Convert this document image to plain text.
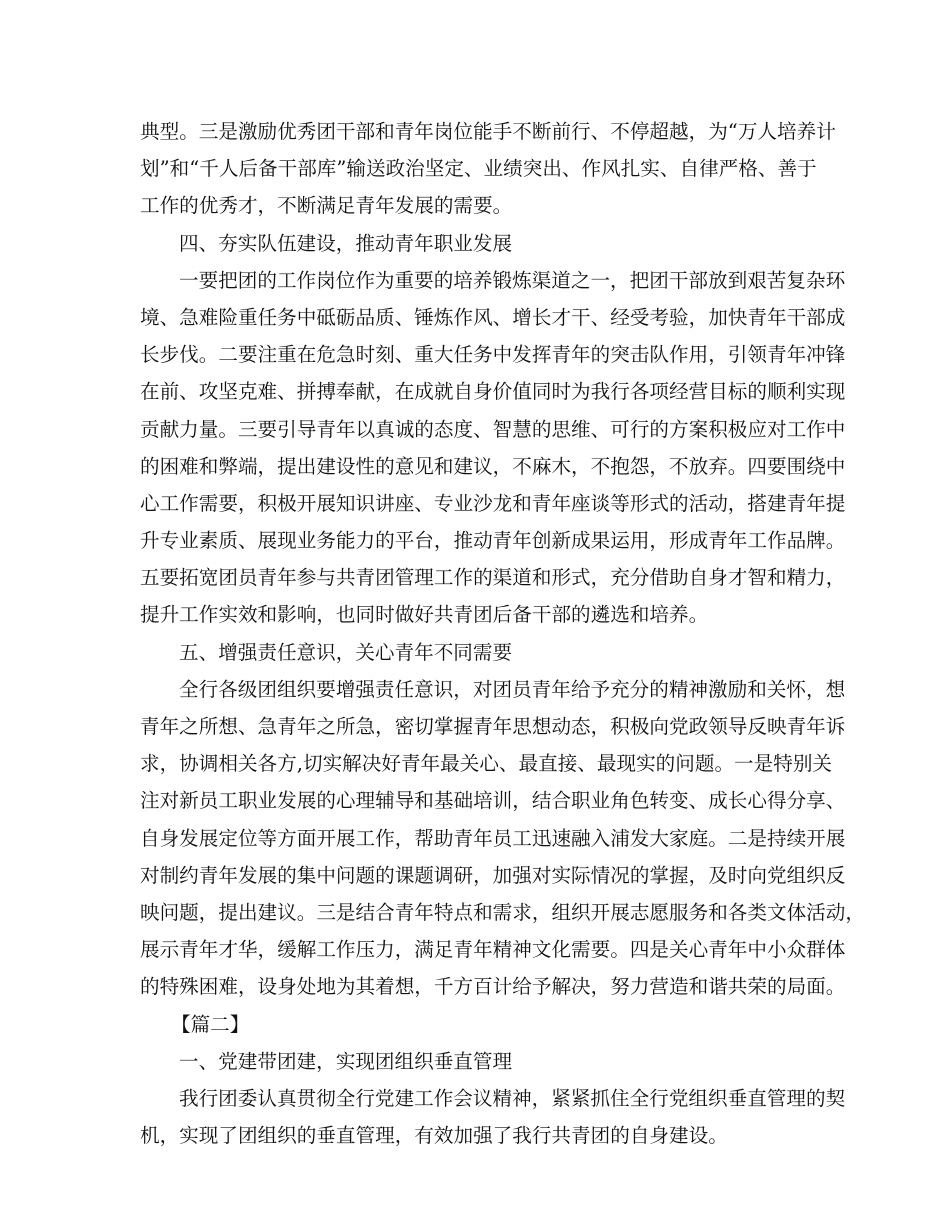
典型。三是激励优秀团干部和青年岗位能手不断前行、不停超越，为“万人培养计
划”和“千人后备干部库”输送政治坚定、业绩突出、作风扎实、自律严格、善于
工作的优秀才，不断满足青年发展的需要。
四、夯实队伍建设，推动青年职业发展
一要把团的工作岗位作为重要的培养锻炼渠道之一，把团干部放到艰苦复杂环
境、急难险重任务中砥砺品质、锤炼作风、增长才干、经受考验，加快青年干部成
长步伐。二要注重在危急时刻、重大任务中发挥青年的突击队作用，引领青年冲锋
在前、攻坚克难、拼搏奉献，在成就自身价值同时为我行各项经营目标的顺利实现
贡献力量。三要引导青年以真诚的态度、智慧的思维、可行的方案积极应对工作中
的困难和弊端，提出建设性的意见和建议，不麻木，不抱怨，不放弃。四要围绕中
心工作需要，积极开展知识讲座、专业沙龙和青年座谈等形式的活动，搭建青年提
升专业素质、展现业务能力的平台，推动青年创新成果运用，形成青年工作品牌。
五要拓宽团员青年参与共青团管理工作的渠道和形式，充分借助自身才智和精力，
提升工作实效和影响，也同时做好共青团后备干部的遴选和培养。
五、增强责任意识，关心青年不同需要
全行各级团组织要增强责任意识，对团员青年给予充分的精神激励和关怀，想
青年之所想、急青年之所急，密切掌握青年思想动态，积极向党政领导反映青年诉
求，协调相关各方,切实解决好青年最关心、最直接、最现实的问题。一是特别关
注对新员工职业发展的心理辅导和基础培训，结合职业角色转变、成长心得分享、
自身发展定位等方面开展工作，帮助青年员工迅速融入浦发大家庭。二是持续开展
对制约青年发展的集中问题的课题调研，加强对实际情况的掌握，及时向党组织反
映问题，提出建议。三是结合青年特点和需求，组织开展志愿服务和各类文体活动，
展示青年才华，缓解工作压力，满足青年精神文化需要。四是关心青年中小众群体
的特殊困难，设身处地为其着想，千方百计给予解决，努力营造和谐共荣的局面。
【篇二】
一、党建带团建，实现团组织垂直管理
我行团委认真贯彻全行党建工作会议精神，紧紧抓住全行党组织垂直管理的契
机，实现了团组织的垂直管理，有效加强了我行共青团的自身建设。
